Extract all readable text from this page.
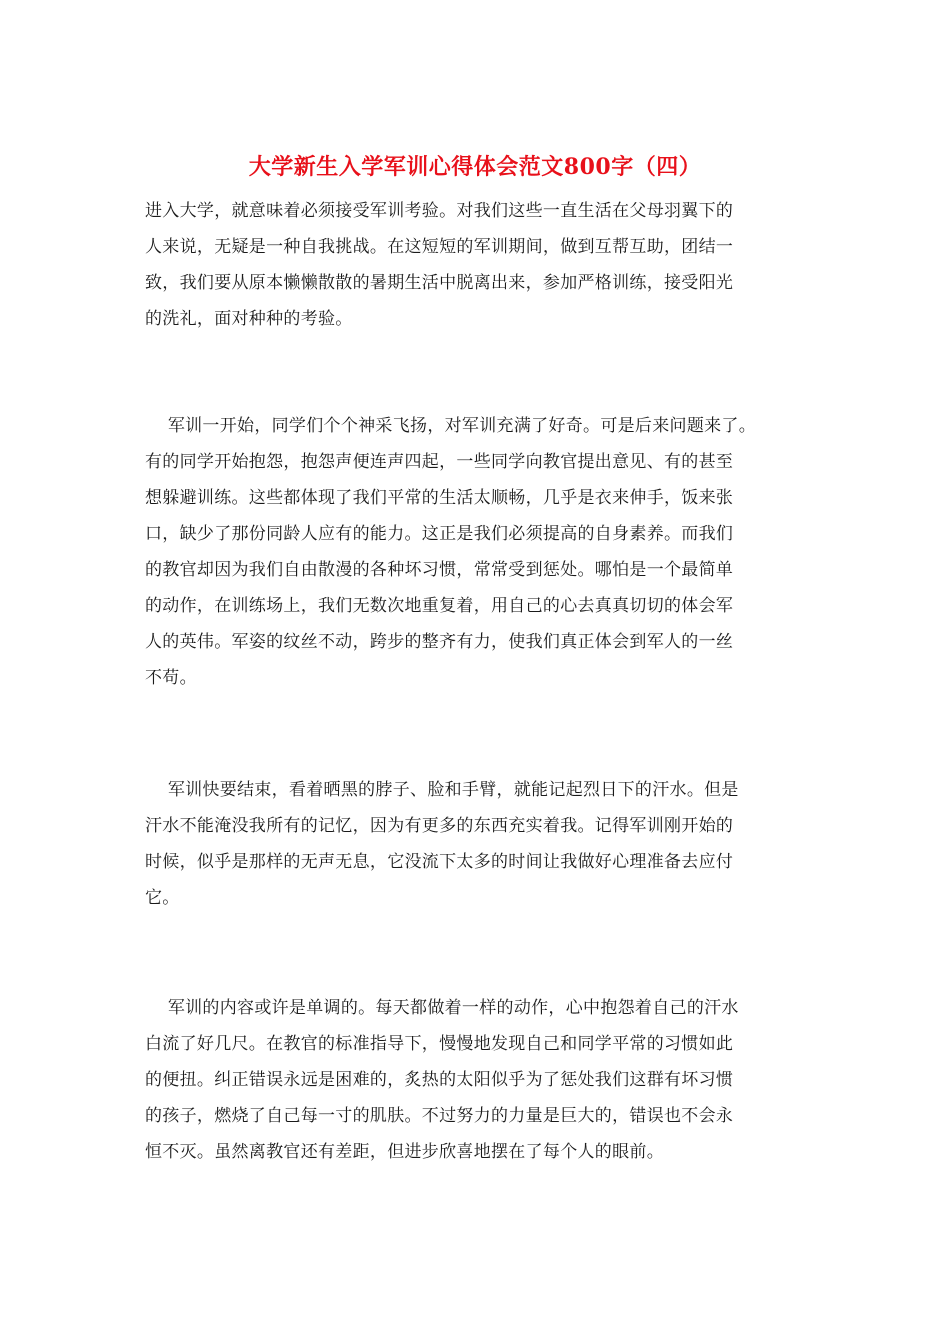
大学新生入学军训心得体会范文800字（四）
进入大学，就意味着必须接受军训考验。对我们这些一直生活在父母羽翼下的
人来说，无疑是一种自我挑战。在这短短的军训期间，做到互帮互助，团结一
致，我们要从原本懒懒散散的暑期生活中脱离出来，参加严格训练，接受阳光
的洗礼，面对种种的考验。
军训一开始，同学们个个神采飞扬，对军训充满了好奇。可是后来问题来了。
有的同学开始抱怨，抱怨声便连声四起，一些同学向教官提出意见、有的甚至
想躲避训练。这些都体现了我们平常的生活太顺畅，几乎是衣来伸手，饭来张
口，缺少了那份同龄人应有的能力。这正是我们必须提高的自身素养。而我们
的教官却因为我们自由散漫的各种坏习惯，常常受到惩处。哪怕是一个最简单
的动作，在训练场上，我们无数次地重复着，用自己的心去真真切切的体会军
人的英伟。军姿的纹丝不动，跨步的整齐有力，使我们真正体会到军人的一丝
不苟。
军训快要结束，看着晒黑的脖子、脸和手臂，就能记起烈日下的汗水。但是
汗水不能淹没我所有的记忆，因为有更多的东西充实着我。记得军训刚开始的
时候，似乎是那样的无声无息，它没流下太多的时间让我做好心理准备去应付
它。
军训的内容或许是单调的。每天都做着一样的动作，心中抱怨着自己的汗水
白流了好几尺。在教官的标准指导下，慢慢地发现自己和同学平常的习惯如此
的便扭。纠正错误永远是困难的，炙热的太阳似乎为了惩处我们这群有坏习惯
的孩子，燃烧了自己每一寸的肌肤。不过努力的力量是巨大的，错误也不会永
恒不灭。虽然离教官还有差距，但进步欣喜地摆在了每个人的眼前。
